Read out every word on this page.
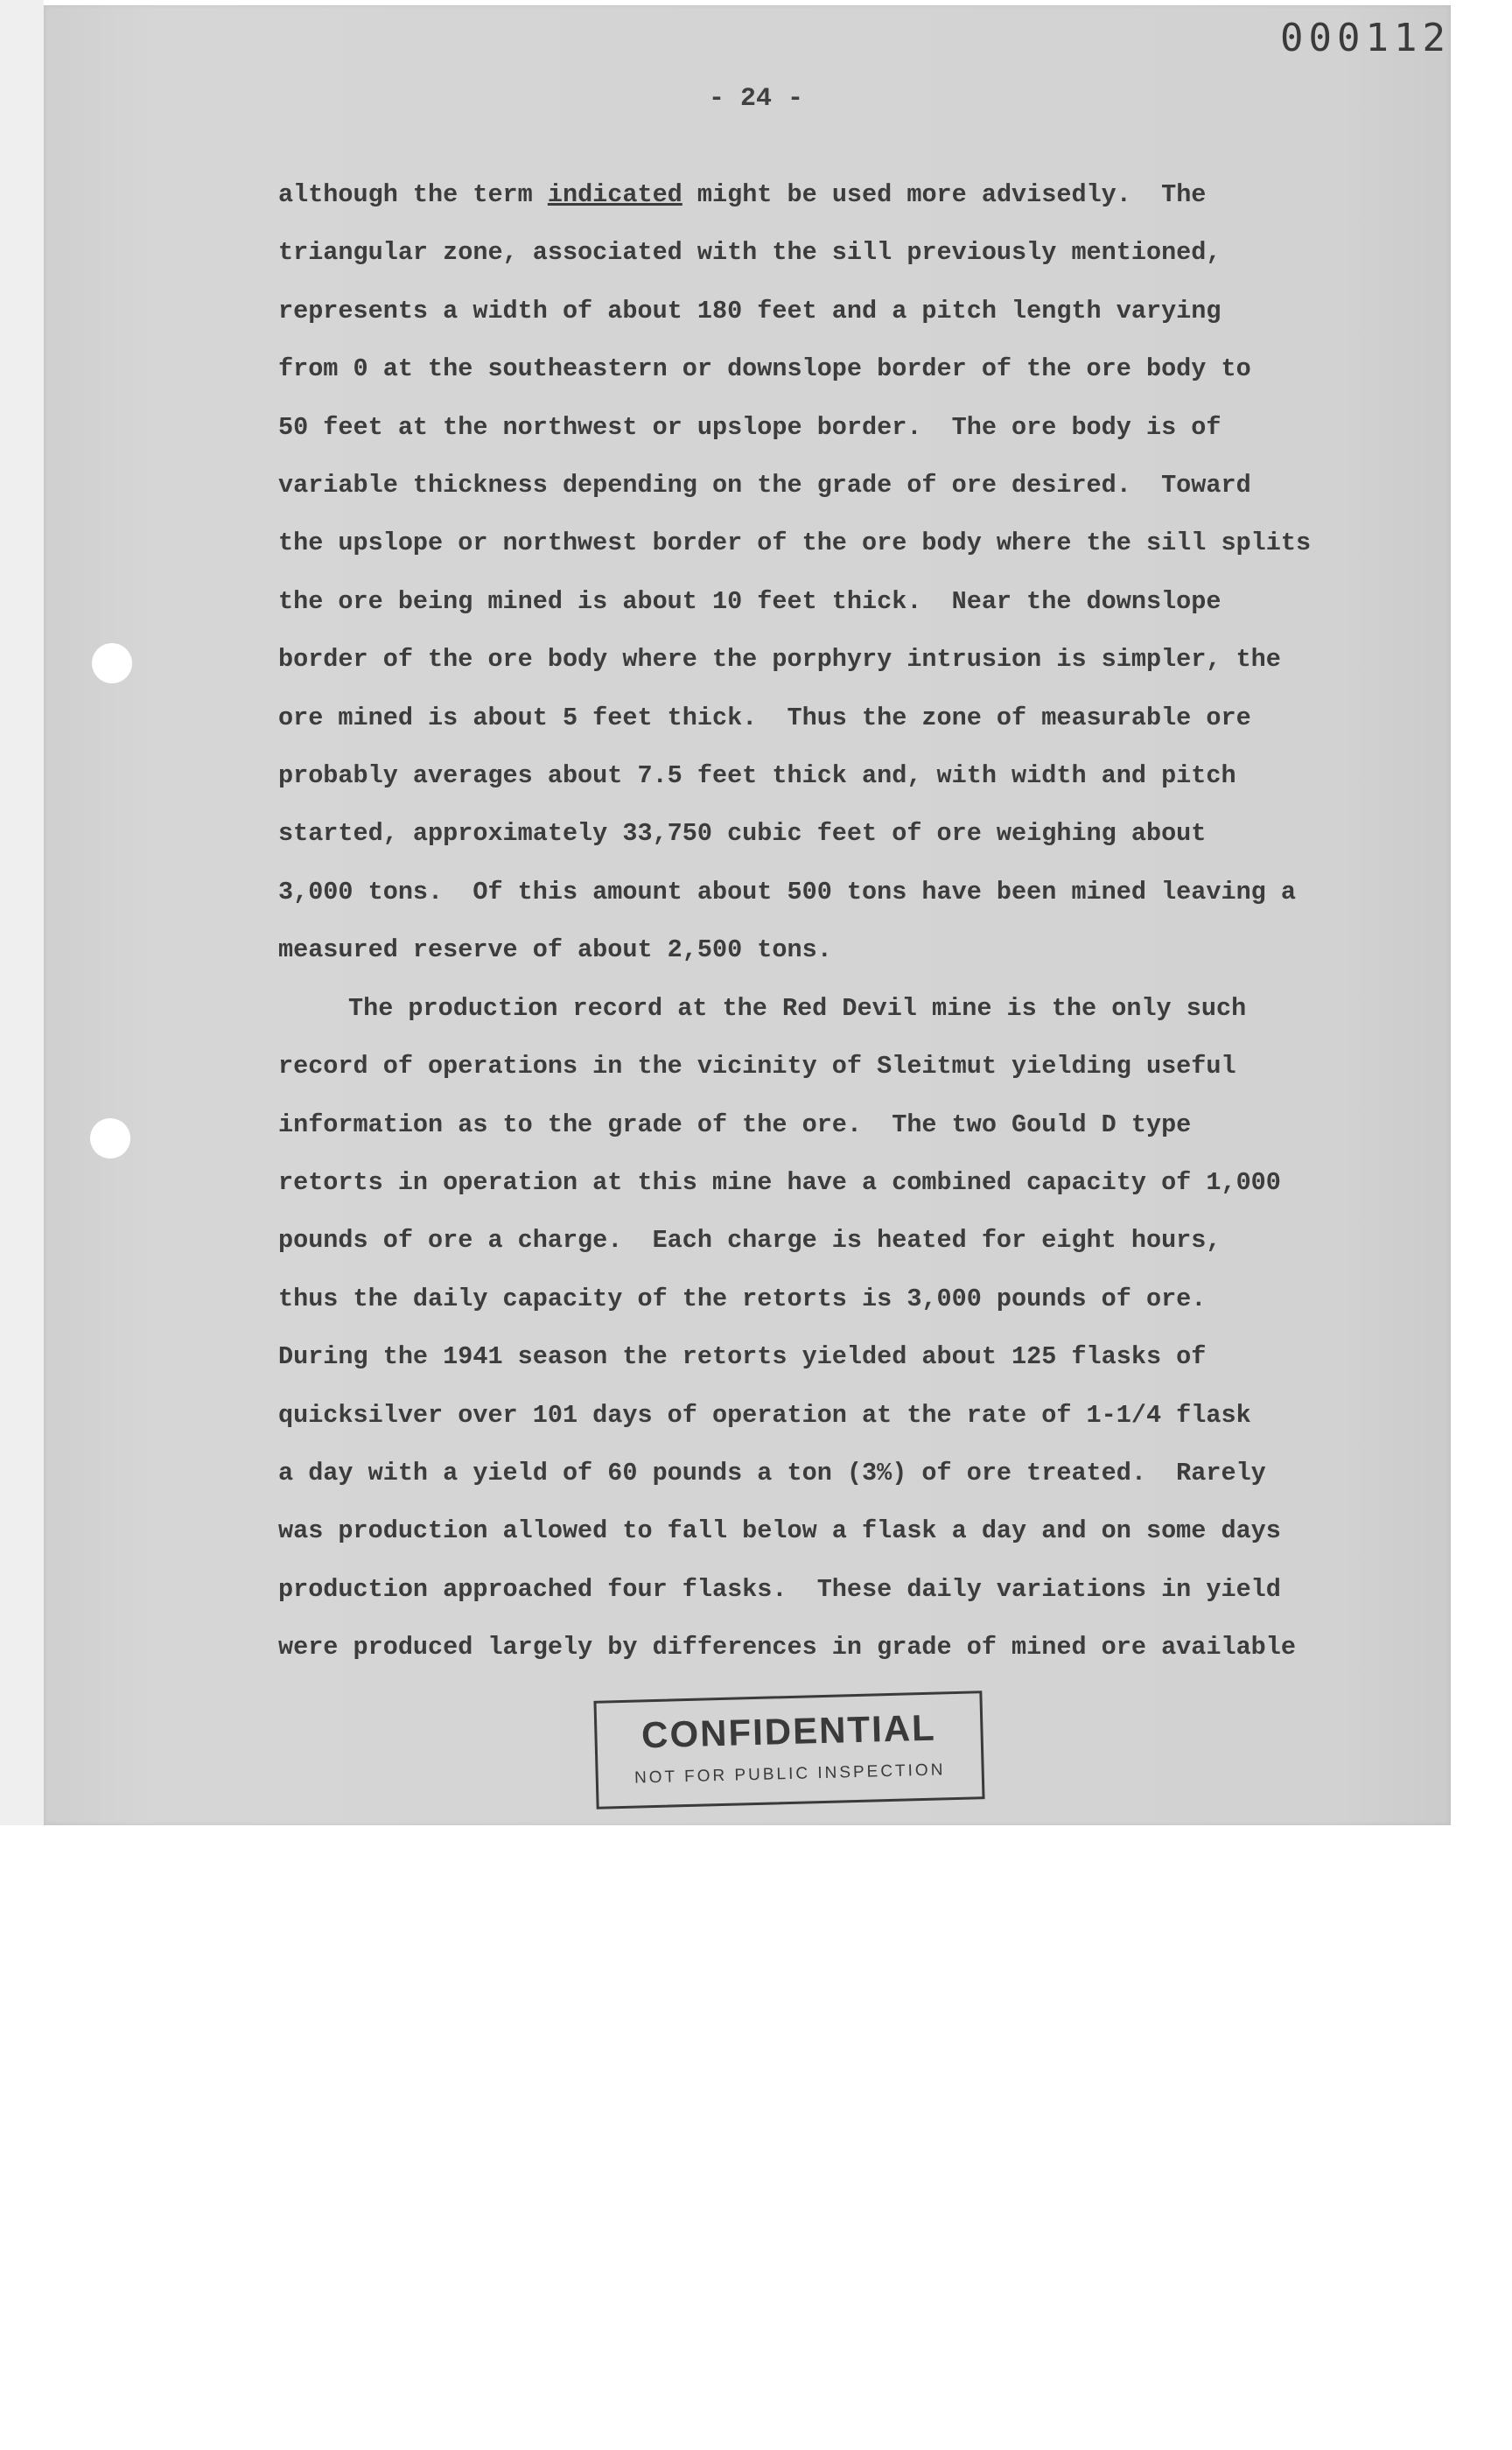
000112
- 24 -
although the term indicated might be used more advisedly.  The
triangular zone, associated with the sill previously mentioned,
represents a width of about 180 feet and a pitch length varying
from 0 at the southeastern or downslope border of the ore body to
50 feet at the northwest or upslope border.  The ore body is of
variable thickness depending on the grade of ore desired.  Toward
the upslope or northwest border of the ore body where the sill splits
the ore being mined is about 10 feet thick.  Near the downslope
border of the ore body where the porphyry intrusion is simpler, the
ore mined is about 5 feet thick.  Thus the zone of measurable ore
probably averages about 7.5 feet thick and, with width and pitch
started, approximately 33,750 cubic feet of ore weighing about
3,000 tons.  Of this amount about 500 tons have been mined leaving a
measured reserve of about 2,500 tons.
The production record at the Red Devil mine is the only such
record of operations in the vicinity of Sleitmut yielding useful
information as to the grade of the ore.  The two Gould D type
retorts in operation at this mine have a combined capacity of 1,000
pounds of ore a charge.  Each charge is heated for eight hours,
thus the daily capacity of the retorts is 3,000 pounds of ore.
During the 1941 season the retorts yielded about 125 flasks of
quicksilver over 101 days of operation at the rate of 1-1/4 flask
a day with a yield of 60 pounds a ton (3%) of ore treated.  Rarely
was production allowed to fall below a flask a day and on some days
production approached four flasks.  These daily variations in yield
were produced largely by differences in grade of mined ore available
CONFIDENTIAL
NOT FOR PUBLIC INSPECTION
